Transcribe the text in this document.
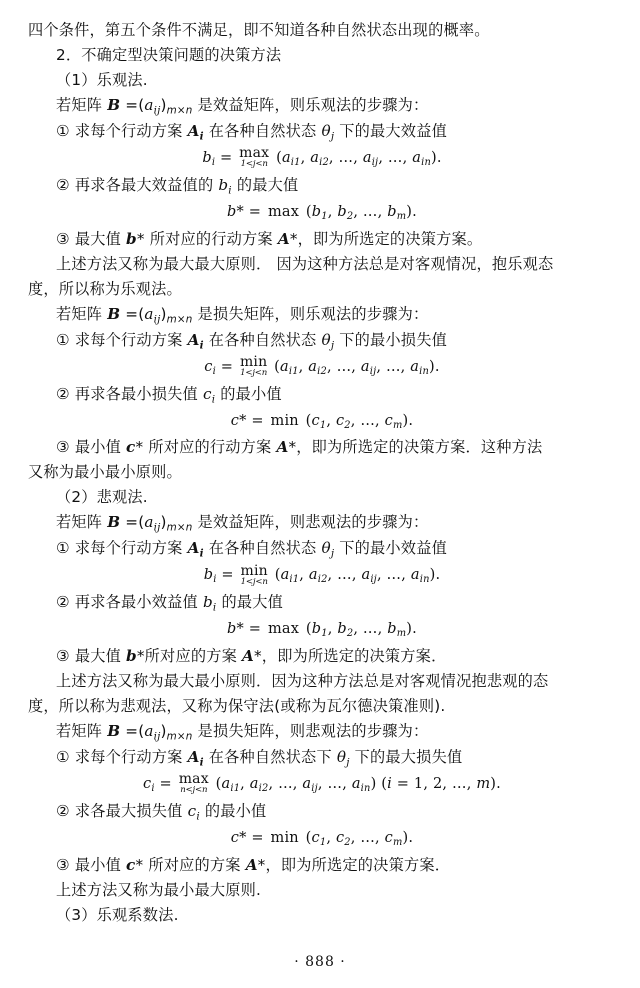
四个条件，第五个条件不满足，即不知道各种自然状态出现的概率。
2．不确定型决策问题的决策方法
（1）乐观法.
若矩阵 $B =(a_{ij})_{m\times n}$ 是效益矩阵，则乐观法的步骤为：
① 求每个行动方案 $A_i$ 在各种自然状态 $\theta_j$ 下的最大效益值
$b_i = \max$
1<j<n ($a_{i1}$, $a_{i2}$, …, $a_{ij}$, …, $a_{in}$).
② 再求各最大效益值的 $b_i$ 的最大值
$b* = \max (b_1$, $b_2$, …, $b_m$).
③ 最大值 b* 所对应的行动方案 A*，即为所选定的决策方案。
上述方法又称为最大最大原则． 因为这种方法总是对客观情况，抱乐观态
度，所以称为乐观法。
若矩阵 $B =(a_{ij})_{m\times n}$ 是损失矩阵，则乐观法的步骤为：
① 求每个行动方案 $A_i$ 在各种自然状态 $\theta_j$ 下的最小损失值
$c_i = \min$
1<j<n ($a_{i1}$, $a_{i2}$, …, $a_{ij}$, …, $a_{in}$).
② 再求各最小损失值 $c_i$ 的最小值
$c* = \min (c_1$, $c_2$, …, $c_m$).
③ 最小值 c* 所对应的行动方案 A*，即为所选定的决策方案．这种方法
又称为最小最小原则。
（2）悲观法.
若矩阵 $B =(a_{ij})_{m\times n}$ 是效益矩阵，则悲观法的步骤为：
① 求每个行动方案 $A_i$ 在各种自然状态 $\theta_j$ 下的最小效益值
$b_i = \min$
1<j<n ($a_{i1}$, $a_{i2}$, …, $a_{ij}$, …, $a_{in}$).
② 再求各最小效益值 $b_i$ 的最大值
$b* = \max (b_1$, $b_2$, …, $b_m$).
③ 最大值 b*所对应的方案 A*，即为所选定的决策方案．
上述方法又称为最大最小原则．因为这种方法总是对客观情况抱悲观的态
度，所以称为悲观法，又称为保守法(或称为瓦尔德决策准则).
若矩阵 $B =(a_{ij})_{m\times n}$ 是损失矩阵，则悲观法的步骤为：
① 求每个行动方案 $A_i$ 在各种自然状态下 $\theta_j$ 下的最大损失值
$c_i = \max$
n<j<n ($a_{i1}$, $a_{i2}$, …, $a_{ij}$, …, $a_{in}$) (i = 1, 2, …, m).
② 求各最大损失值 $c_i$ 的最小值
$c* = \min (c_1$, $c_2$, …, $c_m$).
③ 最小值 c* 所对应的方案 A*，即为所选定的决策方案．
上述方法又称为最小最大原则.
（3）乐观系数法.
· 888 ·
